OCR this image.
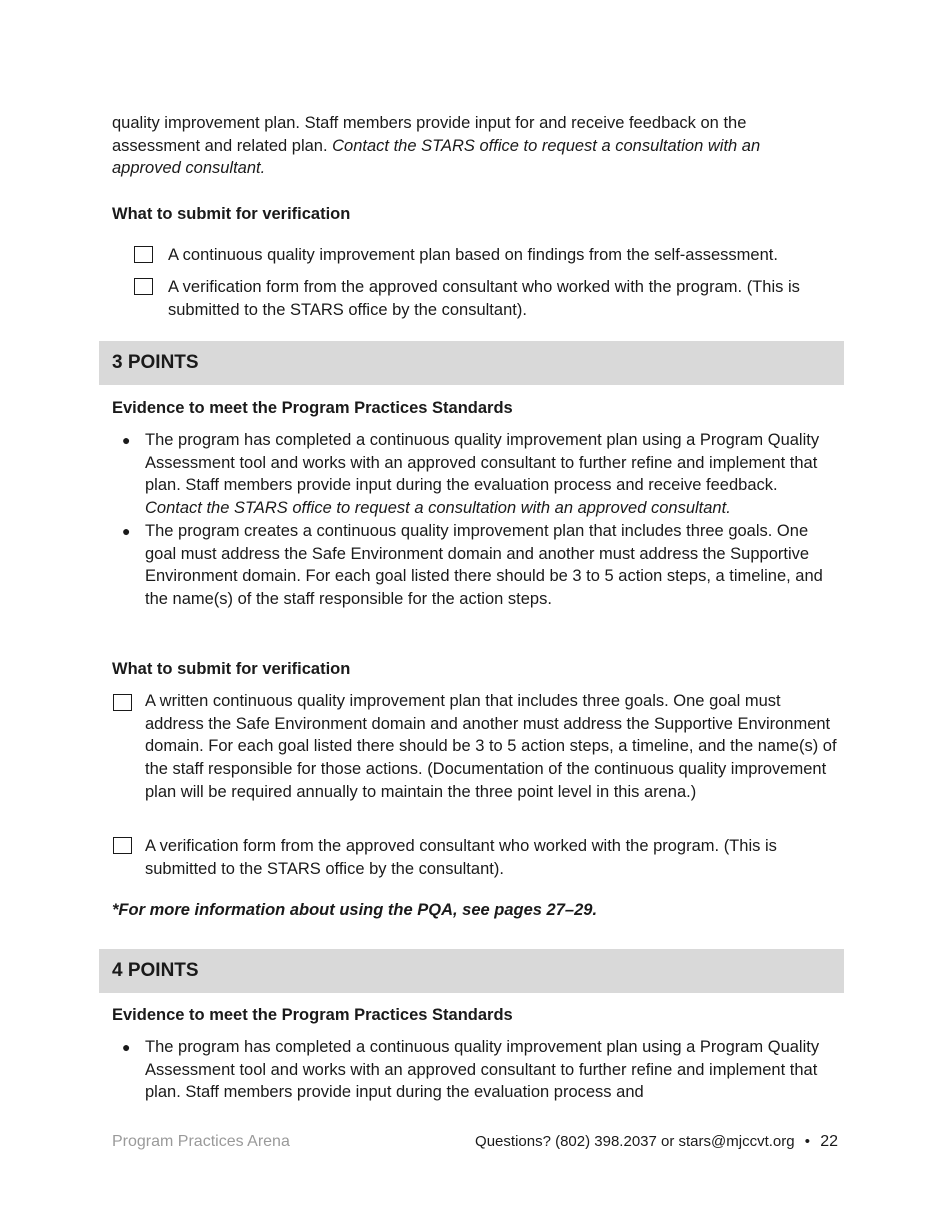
quality improvement plan. Staff members provide input for and receive feedback on the assessment and related plan. Contact the STARS office to request a consultation with an approved consultant.

What to submit for verification

A continuous quality improvement plan based on findings from the self-assessment.

A verification form from the approved consultant who worked with the program. (This is submitted to the STARS office by the consultant).

3 POINTS

Evidence to meet the Program Practices Standards

● The program has completed a continuous quality improvement plan using a Program Quality Assessment tool and works with an approved consultant to further refine and implement that plan. Staff members provide input during the evaluation process and receive feedback. Contact the STARS office to request a consultation with an approved consultant.
● The program creates a continuous quality improvement plan that includes three goals. One goal must address the Safe Environment domain and another must address the Supportive Environment domain. For each goal listed there should be 3 to 5 action steps, a timeline, and the name(s) of the staff responsible for the action steps.

What to submit for verification

A written continuous quality improvement plan that includes three goals. One goal must address the Safe Environment domain and another must address the Supportive Environment domain. For each goal listed there should be 3 to 5 action steps, a timeline, and the name(s) of the staff responsible for those actions. (Documentation of the continuous quality improvement plan will be required annually to maintain the three point level in this arena.)

A verification form from the approved consultant who worked with the program. (This is submitted to the STARS office by the consultant).

*For more information about using the PQA, see pages 27–29.

4 POINTS

Evidence to meet the Program Practices Standards

● The program has completed a continuous quality improvement plan using a Program Quality Assessment tool and works with an approved consultant to further refine and implement that plan. Staff members provide input during the evaluation process and
Program Practices Arena	Questions? (802) 398.2037 or stars@mjccvt.org • 22
